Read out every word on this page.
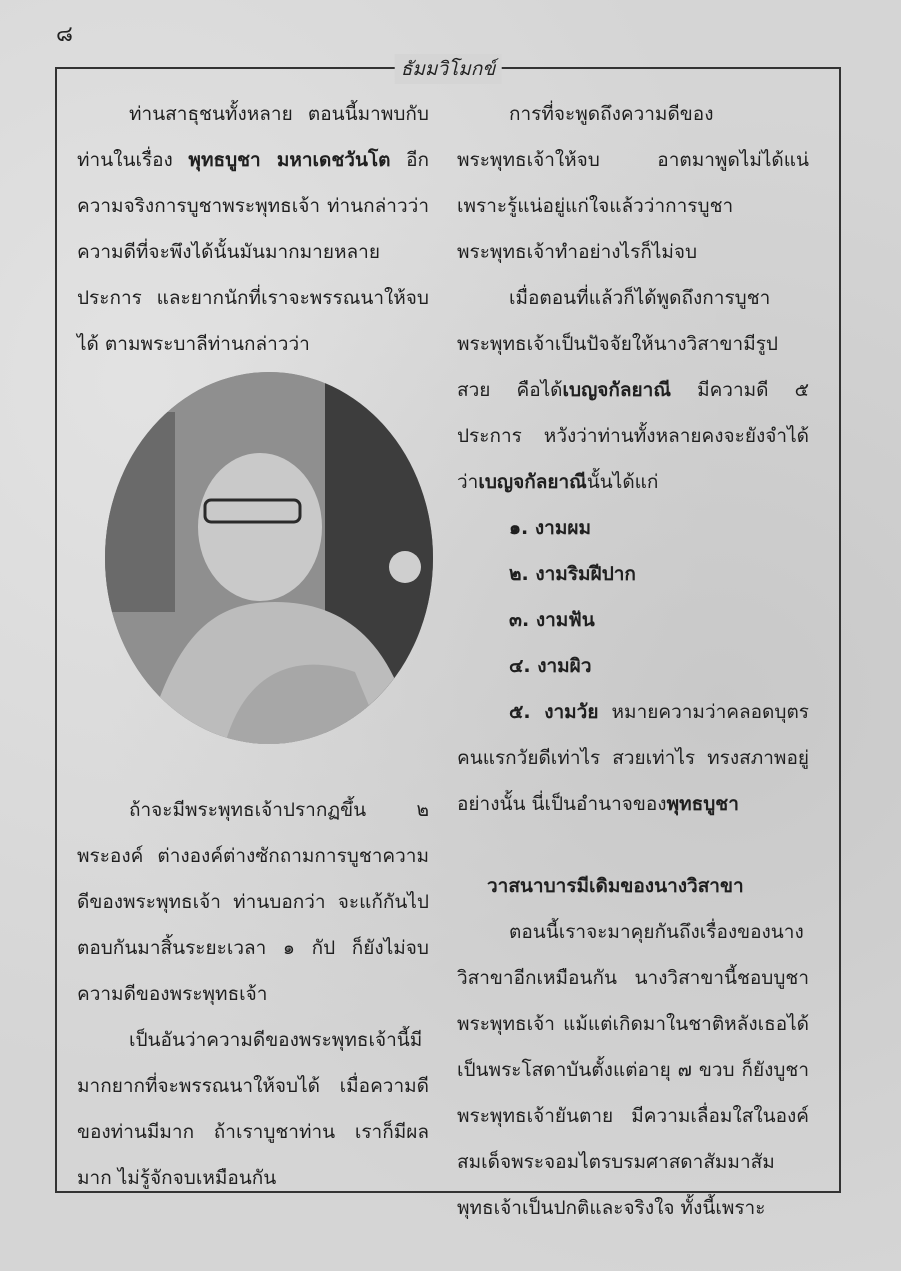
๘
ธัมมวิโมกข์

ท่านสาธุชนทั้งหลาย ตอนนี้มาพบกับท่านในเรื่อง พุทธบูชา มหาเดชวันโต อีกความจริงการบูชาพระพุทธเจ้า ท่านกล่าวว่าความดีที่จะพึงได้นั้นมันมากมายหลายประการ และยากนักที่เราจะพรรณนาให้จบได้ ตามพระบาลีท่านกล่าวว่า

ถ้าจะมีพระพุทธเจ้าปรากฏขึ้น ๒ พระองค์ ต่างองค์ต่างซักถามการบูชาความดีของพระพุทธเจ้า ท่านบอกว่า จะแก้กันไปตอบกันมาสิ้นระยะเวลา ๑ กัป ก็ยังไม่จบความดีของพระพุทธเจ้า

เป็นอันว่าความดีของพระพุทธเจ้านี้มีมากยากที่จะพรรณนาให้จบได้ เมื่อความดีของท่านมีมาก ถ้าเราบูชาท่าน เราก็มีผลมาก ไม่รู้จักจบเหมือนกัน

การที่จะพูดถึงความดีของพระพุทธเจ้าให้จบ อาตมาพูดไม่ได้แน่ เพราะรู้แน่อยู่แก่ใจแล้วว่าการบูชาพระพุทธเจ้าทำอย่างไรก็ไม่จบ

เมื่อตอนที่แล้วก็ได้พูดถึงการบูชาพระพุทธเจ้าเป็นปัจจัยให้นางวิสาขามีรูปสวย คือได้เบญจกัลยาณี มีความดี ๕ ประการ หวังว่าท่านทั้งหลายคงจะยังจำได้ว่าเบญจกัลยาณีนั้นได้แก่

๑. งามผม
๒. งามริมฝีปาก
๓. งามฟัน
๔. งามผิว

๕. งามวัย หมายความว่าคลอดบุตรคนแรกวัยดีเท่าไร สวยเท่าไร ทรงสภาพอยู่อย่างนั้น นี่เป็นอำนาจของพุทธบูชา

วาสนาบารมีเดิมของนางวิสาขา

ตอนนี้เราจะมาคุยกันถึงเรื่องของนางวิสาขาอีกเหมือนกัน นางวิสาขานี้ชอบบูชาพระพุทธเจ้า แม้แต่เกิดมาในชาติหลังเธอได้เป็นพระโสดาบันตั้งแต่อายุ ๗ ขวบ ก็ยังบูชาพระพุทธเจ้ายันตาย มีความเลื่อมใสในองค์สมเด็จพระจอมไตรบรมศาสดาสัมมาสัมพุทธเจ้าเป็นปกติและจริงใจ ทั้งนี้เพราะ
